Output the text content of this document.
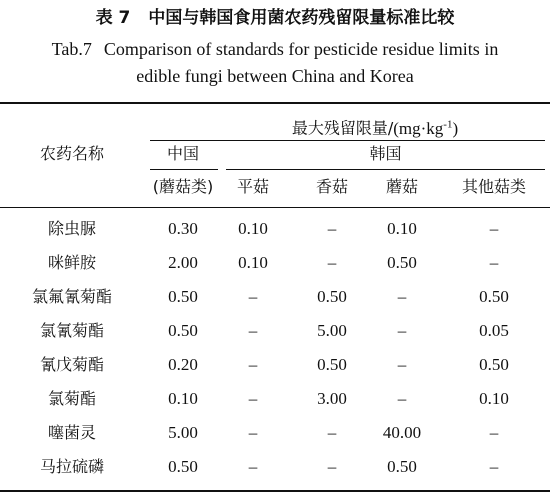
表 7 中国与韩国食用菌农药残留限量标准比较
Tab.7 Comparison of standards for pesticide residue limits in
edible fungi between China and Korea
最大残留限量$/(mg\cdot kg^{-1})$
农药名称	中国
(蘑菇类)
韩国
平菇	香菇	蘑菇	其他菇类
除虫脲	0.30	0.10	–	0.10	–
咪鲜胺	2.00	0.10	–	0.50	–
氯氟氰菊酯	0.50	–	0.50	–	0.50
氯氰菊酯	0.50	–	5.00	–	0.05
氰戊菊酯	0.20	–	0.50	–	0.50
氯菊酯	0.10	–	3.00	–	0.10
噻菌灵	5.00	–	–	40.00	–
马拉硫磷	0.50	–	–	0.50	–
